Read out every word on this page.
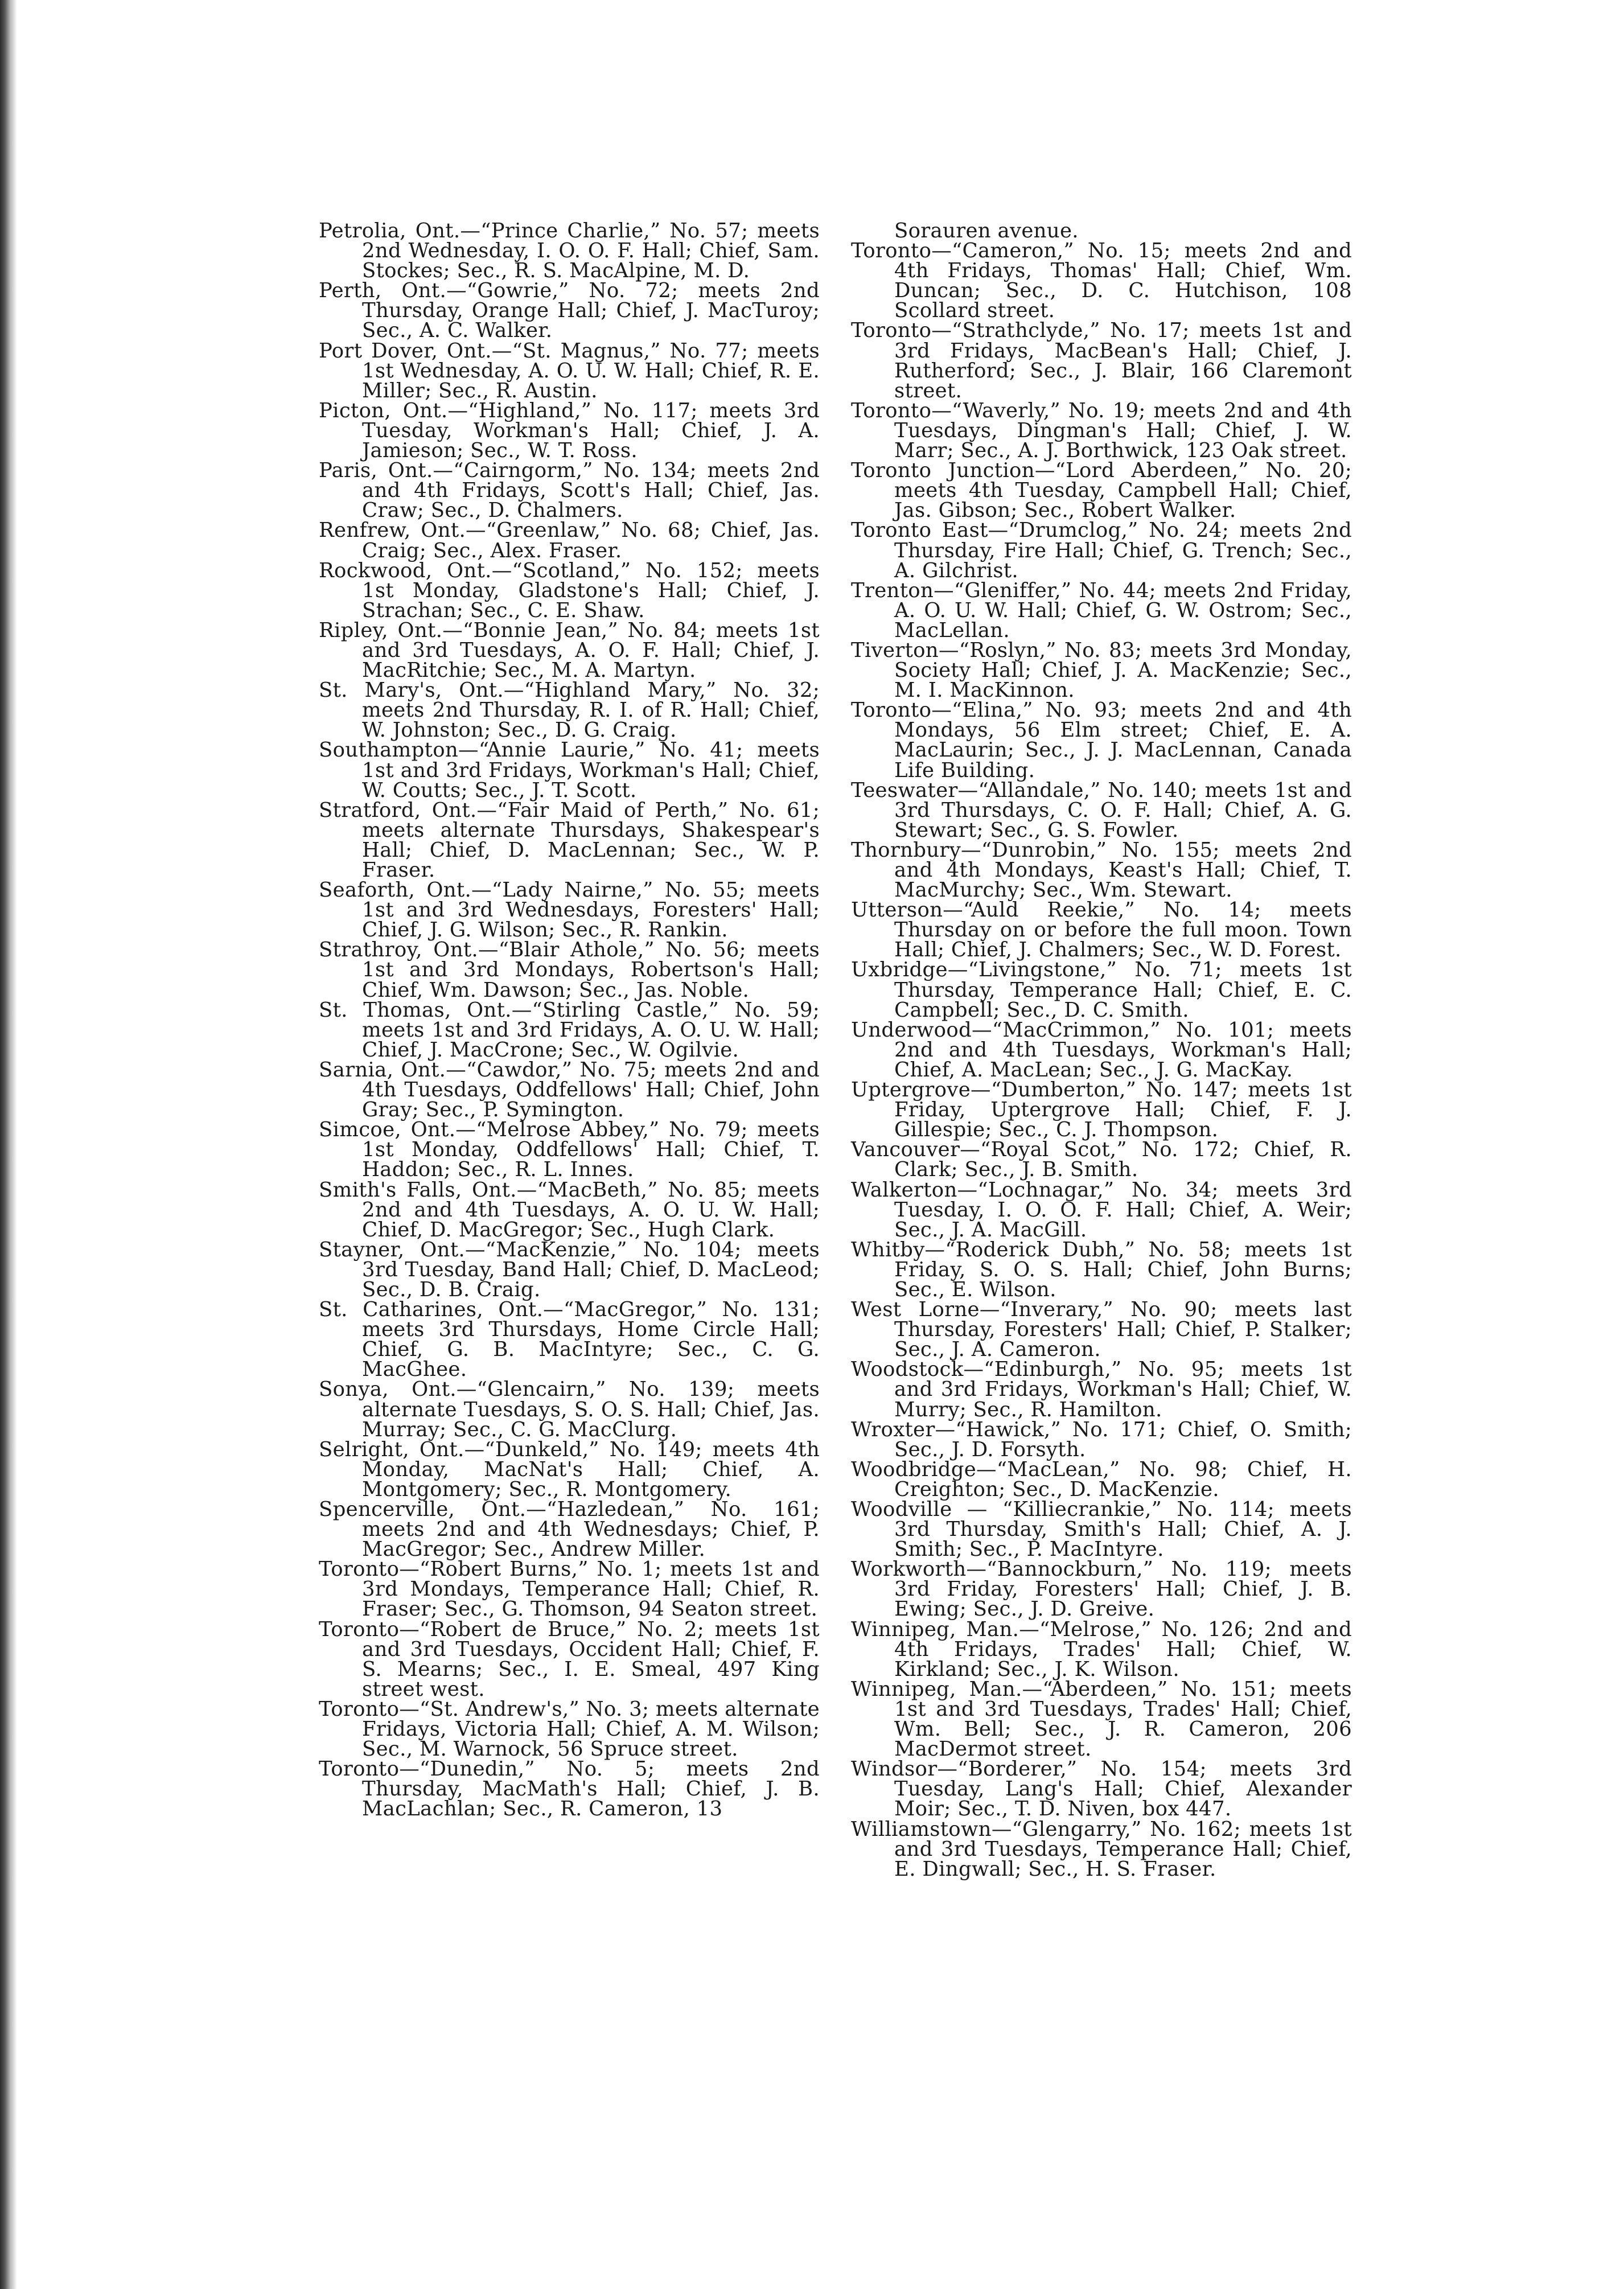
Petrolia, Ont.—“Prince Charlie,” No. 57; meets 2nd Wednesday, I. O. O. F. Hall; Chief, Sam. Stockes; Sec., R. S. MacAlpine, M. D.

Perth, Ont.—“Gowrie,” No. 72; meets 2nd Thursday, Orange Hall; Chief, J. MacTuroy; Sec., A. C. Walker.

Port Dover, Ont.—“St. Magnus,” No. 77; meets 1st Wednesday, A. O. U. W. Hall; Chief, R. E. Miller; Sec., R. Austin.

Picton, Ont.—“Highland,” No. 117; meets 3rd Tuesday, Workman's Hall; Chief, J. A. Jamieson; Sec., W. T. Ross.

Paris, Ont.—“Cairngorm,” No. 134; meets 2nd and 4th Fridays, Scott's Hall; Chief, Jas. Craw; Sec., D. Chalmers.

Renfrew, Ont.—“Greenlaw,” No. 68; Chief, Jas. Craig; Sec., Alex. Fraser.

Rockwood, Ont.—“Scotland,” No. 152; meets 1st Monday, Gladstone's Hall; Chief, J. Strachan; Sec., C. E. Shaw.

Ripley, Ont.—“Bonnie Jean,” No. 84; meets 1st and 3rd Tuesdays, A. O. F. Hall; Chief, J. MacRitchie; Sec., M. A. Martyn.

St. Mary's, Ont.—“Highland Mary,” No. 32; meets 2nd Thursday, R. I. of R. Hall; Chief, W. Johnston; Sec., D. G. Craig.

Southampton—“Annie Laurie,” No. 41; meets 1st and 3rd Fridays, Workman's Hall; Chief, W. Coutts; Sec., J. T. Scott.

Stratford, Ont.—“Fair Maid of Perth,” No. 61; meets alternate Thursdays, Shakespear's Hall; Chief, D. MacLennan; Sec., W. P. Fraser.

Seaforth, Ont.—“Lady Nairne,” No. 55; meets 1st and 3rd Wednesdays, Foresters' Hall; Chief, J. G. Wilson; Sec., R. Rankin.

Strathroy, Ont.—“Blair Athole,” No. 56; meets 1st and 3rd Mondays, Robertson's Hall; Chief, Wm. Dawson; Sec., Jas. Noble.

St. Thomas, Ont.—“Stirling Castle,” No. 59; meets 1st and 3rd Fridays, A. O. U. W. Hall; Chief, J. MacCrone; Sec., W. Ogilvie.

Sarnia, Ont.—“Cawdor,” No. 75; meets 2nd and 4th Tuesdays, Oddfellows' Hall; Chief, John Gray; Sec., P. Symington.

Simcoe, Ont.—“Melrose Abbey,” No. 79; meets 1st Monday, Oddfellows' Hall; Chief, T. Haddon; Sec., R. L. Innes.

Smith's Falls, Ont.—“MacBeth,” No. 85; meets 2nd and 4th Tuesdays, A. O. U. W. Hall; Chief, D. MacGregor; Sec., Hugh Clark.

Stayner, Ont.—“MacKenzie,” No. 104; meets 3rd Tuesday, Band Hall; Chief, D. MacLeod; Sec., D. B. Craig.

St. Catharines, Ont.—“MacGregor,” No. 131; meets 3rd Thursdays, Home Circle Hall; Chief, G. B. MacIntyre; Sec., C. G. MacGhee.

Sonya, Ont.—“Glencairn,” No. 139; meets alternate Tuesdays, S. O. S. Hall; Chief, Jas. Murray; Sec., C. G. MacClurg.

Selright, Ont.—“Dunkeld,” No. 149; meets 4th Monday, MacNat's Hall; Chief, A. Montgomery; Sec., R. Montgomery.

Spencerville, Ont.—“Hazledean,” No. 161; meets 2nd and 4th Wednesdays; Chief, P. MacGregor; Sec., Andrew Miller.

Toronto—“Robert Burns,” No. 1; meets 1st and 3rd Mondays, Temperance Hall; Chief, R. Fraser; Sec., G. Thomson, 94 Seaton street.

Toronto—“Robert de Bruce,” No. 2; meets 1st and 3rd Tuesdays, Occident Hall; Chief, F. S. Mearns; Sec., I. E. Smeal, 497 King street west.

Toronto—“St. Andrew's,” No. 3; meets alternate Fridays, Victoria Hall; Chief, A. M. Wilson; Sec., M. Warnock, 56 Spruce street.

Toronto—“Dunedin,” No. 5; meets 2nd Thursday, MacMath's Hall; Chief, J. B. MacLachlan; Sec., R. Cameron, 13

Sorauren avenue.

Toronto—“Cameron,” No. 15; meets 2nd and 4th Fridays, Thomas' Hall; Chief, Wm. Duncan; Sec., D. C. Hutchison, 108 Scollard street.

Toronto—“Strathclyde,” No. 17; meets 1st and 3rd Fridays, MacBean's Hall; Chief, J. Rutherford; Sec., J. Blair, 166 Claremont street.

Toronto—“Waverly,” No. 19; meets 2nd and 4th Tuesdays, Dingman's Hall; Chief, J. W. Marr; Sec., A. J. Borthwick, 123 Oak street.

Toronto Junction—“Lord Aberdeen,” No. 20; meets 4th Tuesday, Campbell Hall; Chief, Jas. Gibson; Sec., Robert Walker.

Toronto East—“Drumclog,” No. 24; meets 2nd Thursday, Fire Hall; Chief, G. Trench; Sec., A. Gilchrist.

Trenton—“Gleniffer,” No. 44; meets 2nd Friday, A. O. U. W. Hall; Chief, G. W. Ostrom; Sec., MacLellan.

Tiverton—“Roslyn,” No. 83; meets 3rd Monday, Society Hall; Chief, J. A. MacKenzie; Sec., M. I. MacKinnon.

Toronto—“Elina,” No. 93; meets 2nd and 4th Mondays, 56 Elm street; Chief, E. A. MacLaurin; Sec., J. J. MacLennan, Canada Life Building.

Teeswater—“Allandale,” No. 140; meets 1st and 3rd Thursdays, C. O. F. Hall; Chief, A. G. Stewart; Sec., G. S. Fowler.

Thornbury—“Dunrobin,” No. 155; meets 2nd and 4th Mondays, Keast's Hall; Chief, T. MacMurchy; Sec., Wm. Stewart.

Utterson—“Auld Reekie,” No. 14; meets Thursday on or before the full moon. Town Hall; Chief, J. Chalmers; Sec., W. D. Forest.

Uxbridge—“Livingstone,” No. 71; meets 1st Thursday, Temperance Hall; Chief, E. C. Campbell; Sec., D. C. Smith.

Underwood—“MacCrimmon,” No. 101; meets 2nd and 4th Tuesdays, Workman's Hall; Chief, A. MacLean; Sec., J. G. MacKay.

Uptergrove—“Dumberton,” No. 147; meets 1st Friday, Uptergrove Hall; Chief, F. J. Gillespie; Sec., C. J. Thompson.

Vancouver—“Royal Scot,” No. 172; Chief, R. Clark; Sec., J. B. Smith.

Walkerton—“Lochnagar,” No. 34; meets 3rd Tuesday, I. O. O. F. Hall; Chief, A. Weir; Sec., J. A. MacGill.

Whitby—“Roderick Dubh,” No. 58; meets 1st Friday, S. O. S. Hall; Chief, John Burns; Sec., E. Wilson.

West Lorne—“Inverary,” No. 90; meets last Thursday, Foresters' Hall; Chief, P. Stalker; Sec., J. A. Cameron.

Woodstock—“Edinburgh,” No. 95; meets 1st and 3rd Fridays, Workman's Hall; Chief, W. Murry; Sec., R. Hamilton.

Wroxter—“Hawick,” No. 171; Chief, O. Smith; Sec., J. D. Forsyth.

Woodbridge—“MacLean,” No. 98; Chief, H. Creighton; Sec., D. MacKenzie.

Woodville — “Killiecrankie,” No. 114; meets 3rd Thursday, Smith's Hall; Chief, A. J. Smith; Sec., P. MacIntyre.

Workworth—“Bannockburn,” No. 119; meets 3rd Friday, Foresters' Hall; Chief, J. B. Ewing; Sec., J. D. Greive.

Winnipeg, Man.—“Melrose,” No. 126; 2nd and 4th Fridays, Trades' Hall; Chief, W. Kirkland; Sec., J. K. Wilson.

Winnipeg, Man.—“Aberdeen,” No. 151; meets 1st and 3rd Tuesdays, Trades' Hall; Chief, Wm. Bell; Sec., J. R. Cameron, 206 MacDermot street.

Windsor—“Borderer,” No. 154; meets 3rd Tuesday, Lang's Hall; Chief, Alexander Moir; Sec., T. D. Niven, box 447.

Williamstown—“Glengarry,” No. 162; meets 1st and 3rd Tuesdays, Temperance Hall; Chief, E. Dingwall; Sec., H. S. Fraser.
